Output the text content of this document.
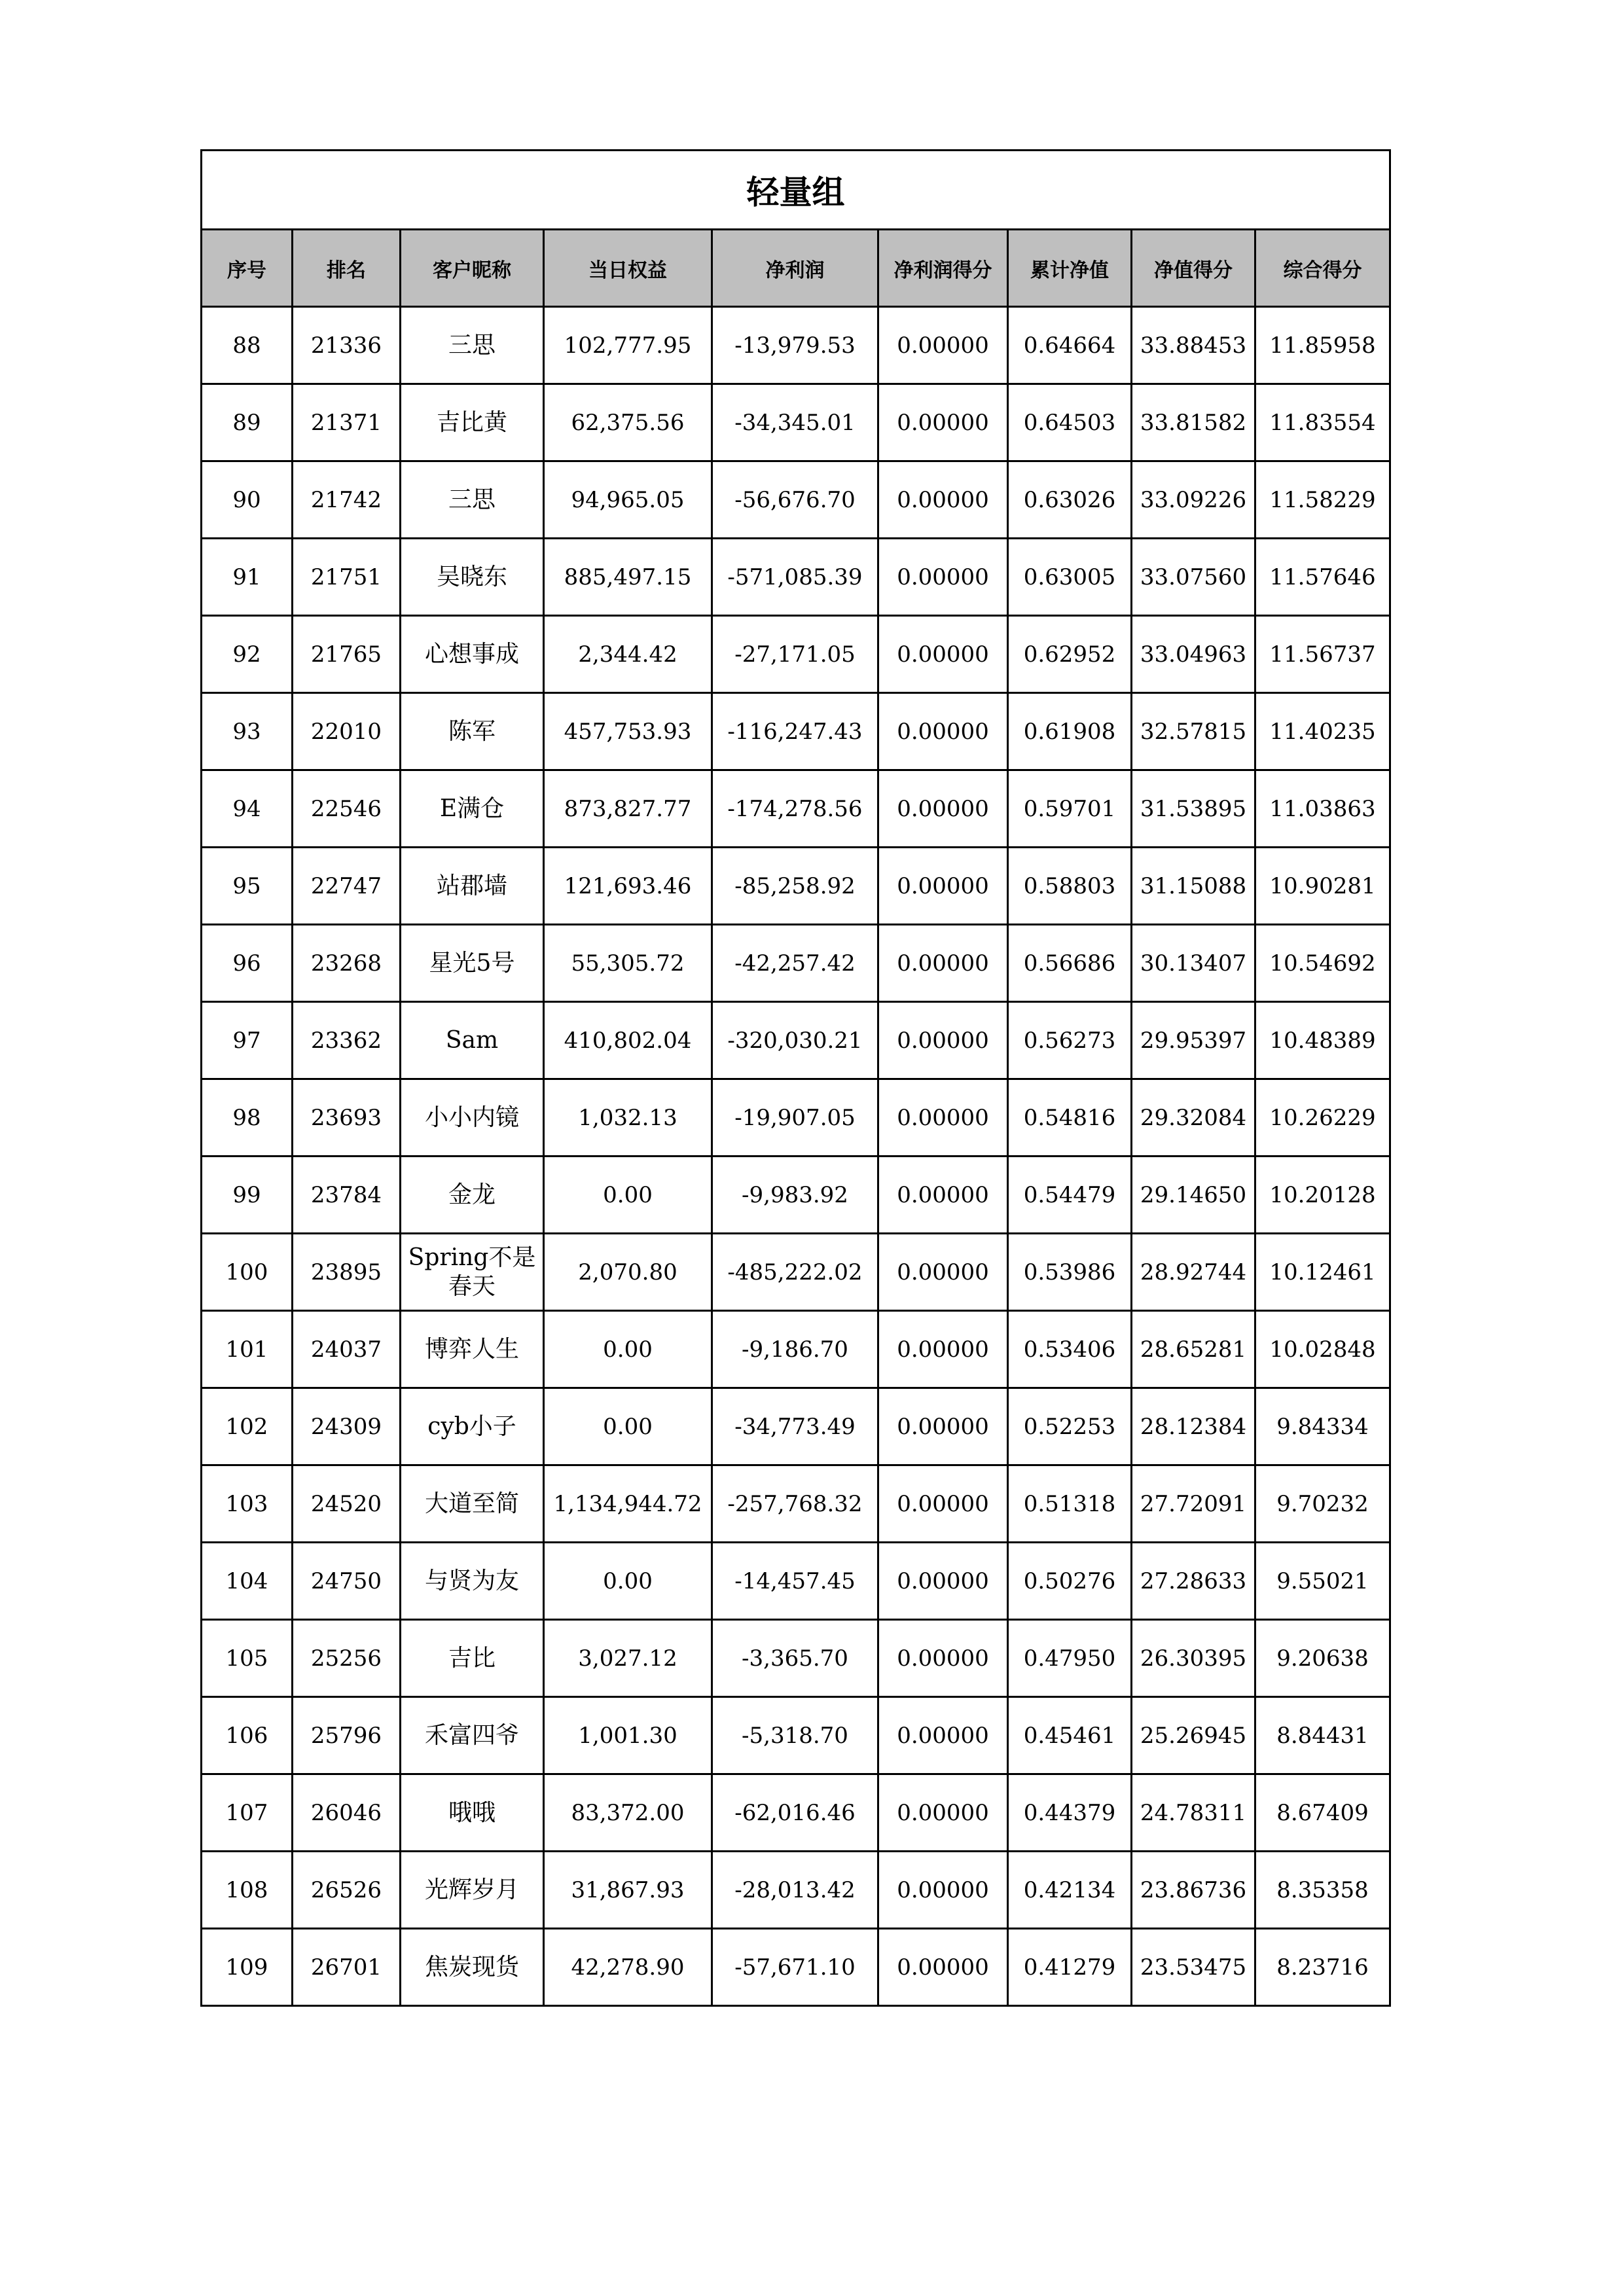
轻量组								
序号	排名	客户昵称	当日权益	净利润	净利润得分	累计净值	净值得分	综合得分
88	21336	三思	102,777.95	-13,979.53	0.00000	0.64664	33.88453	11.85958
89	21371	吉比黄	62,375.56	-34,345.01	0.00000	0.64503	33.81582	11.83554
90	21742	三思	94,965.05	-56,676.70	0.00000	0.63026	33.09226	11.58229
91	21751	吴晓东	885,497.15	-571,085.39	0.00000	0.63005	33.07560	11.57646
92	21765	心想事成	2,344.42	-27,171.05	0.00000	0.62952	33.04963	11.56737
93	22010	陈军	457,753.93	-116,247.43	0.00000	0.61908	32.57815	11.40235
94	22546	E满仓	873,827.77	-174,278.56	0.00000	0.59701	31.53895	11.03863
95	22747	站郡墙	121,693.46	-85,258.92	0.00000	0.58803	31.15088	10.90281
96	23268	星光5号	55,305.72	-42,257.42	0.00000	0.56686	30.13407	10.54692
97	23362	Sam	410,802.04	-320,030.21	0.00000	0.56273	29.95397	10.48389
98	23693	小小内镜	1,032.13	-19,907.05	0.00000	0.54816	29.32084	10.26229
99	23784	金龙	0.00	-9,983.92	0.00000	0.54479	29.14650	10.20128
100	23895	Spring不是春天	2,070.80	-485,222.02	0.00000	0.53986	28.92744	10.12461
101	24037	博弈人生	0.00	-9,186.70	0.00000	0.53406	28.65281	10.02848
102	24309	cyb小子	0.00	-34,773.49	0.00000	0.52253	28.12384	9.84334
103	24520	大道至简	1,134,944.72	-257,768.32	0.00000	0.51318	27.72091	9.70232
104	24750	与贤为友	0.00	-14,457.45	0.00000	0.50276	27.28633	9.55021
105	25256	吉比	3,027.12	-3,365.70	0.00000	0.47950	26.30395	9.20638
106	25796	禾富四爷	1,001.30	-5,318.70	0.00000	0.45461	25.26945	8.84431
107	26046	哦哦	83,372.00	-62,016.46	0.00000	0.44379	24.78311	8.67409
108	26526	光辉岁月	31,867.93	-28,013.42	0.00000	0.42134	23.86736	8.35358
109	26701	焦炭现货	42,278.90	-57,671.10	0.00000	0.41279	23.53475	8.23716
